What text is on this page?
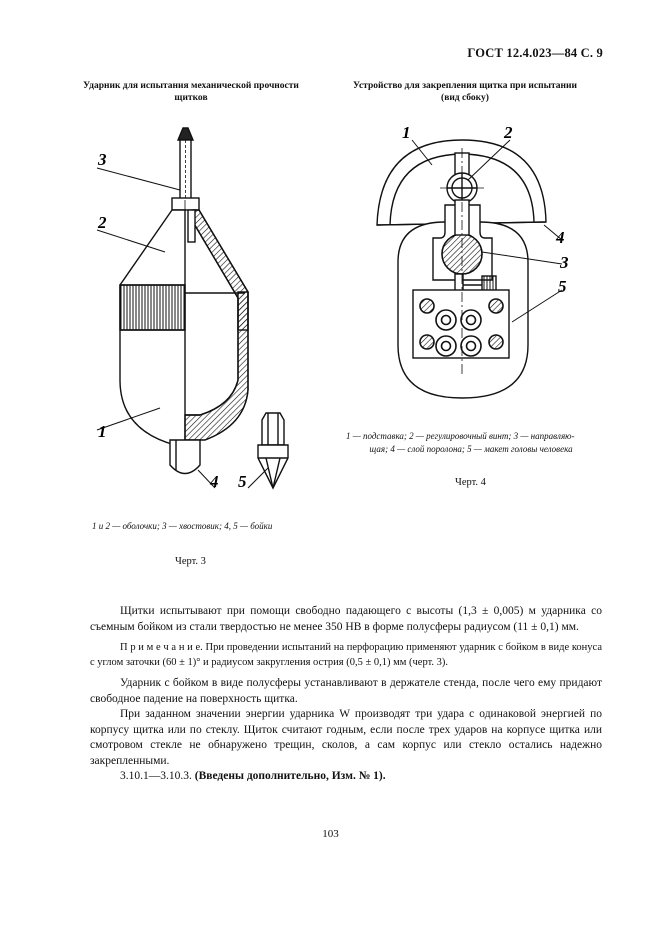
ГОСТ 12.4.023—84 С. 9
Ударник для испытания механической прочности
щитков
Устройство для закрепления щитка при испытании
(вид сбоку)
3
2
1
4 5
1	2
3
4
5
1 — подставка; 2 — регулировочный винт; 3 — направляю-
щая; 4 — слой поролона; 5 — макет головы человека
Черт. 4
1 и 2 — оболочки; 3 — хвостовик; 4, 5 — бойки
Черт. 3

Щитки испытывают при помощи свободно падающего с высоты (1,3 ± 0,005) м ударника со съемным бойком из стали твердостью не менее 350 НВ в форме полусферы радиусом (11 ± 0,1) мм.

П р и м е ч а н и е. При проведении испытаний на перфорацию применяют ударник с бойком в виде конуса с углом заточки (60 ± 1)° и радиусом закругления острия (0,5 ± 0,1) мм (черт. 3).

Ударник с бойком в виде полусферы устанавливают в держателе стенда, после чего ему придают свободное падение на поверхность щитка.

При заданном значении энергии ударника W производят три удара с одинаковой энергией по корпусу щитка или по стеклу. Щиток считают годным, если после трех ударов на корпусе щитка или смотровом стекле не обнаружено трещин, сколов, а сам корпус или стекло остались надежно закрепленными.

3.10.1—3.10.3. (Введены дополнительно, Изм. № 1).

103
